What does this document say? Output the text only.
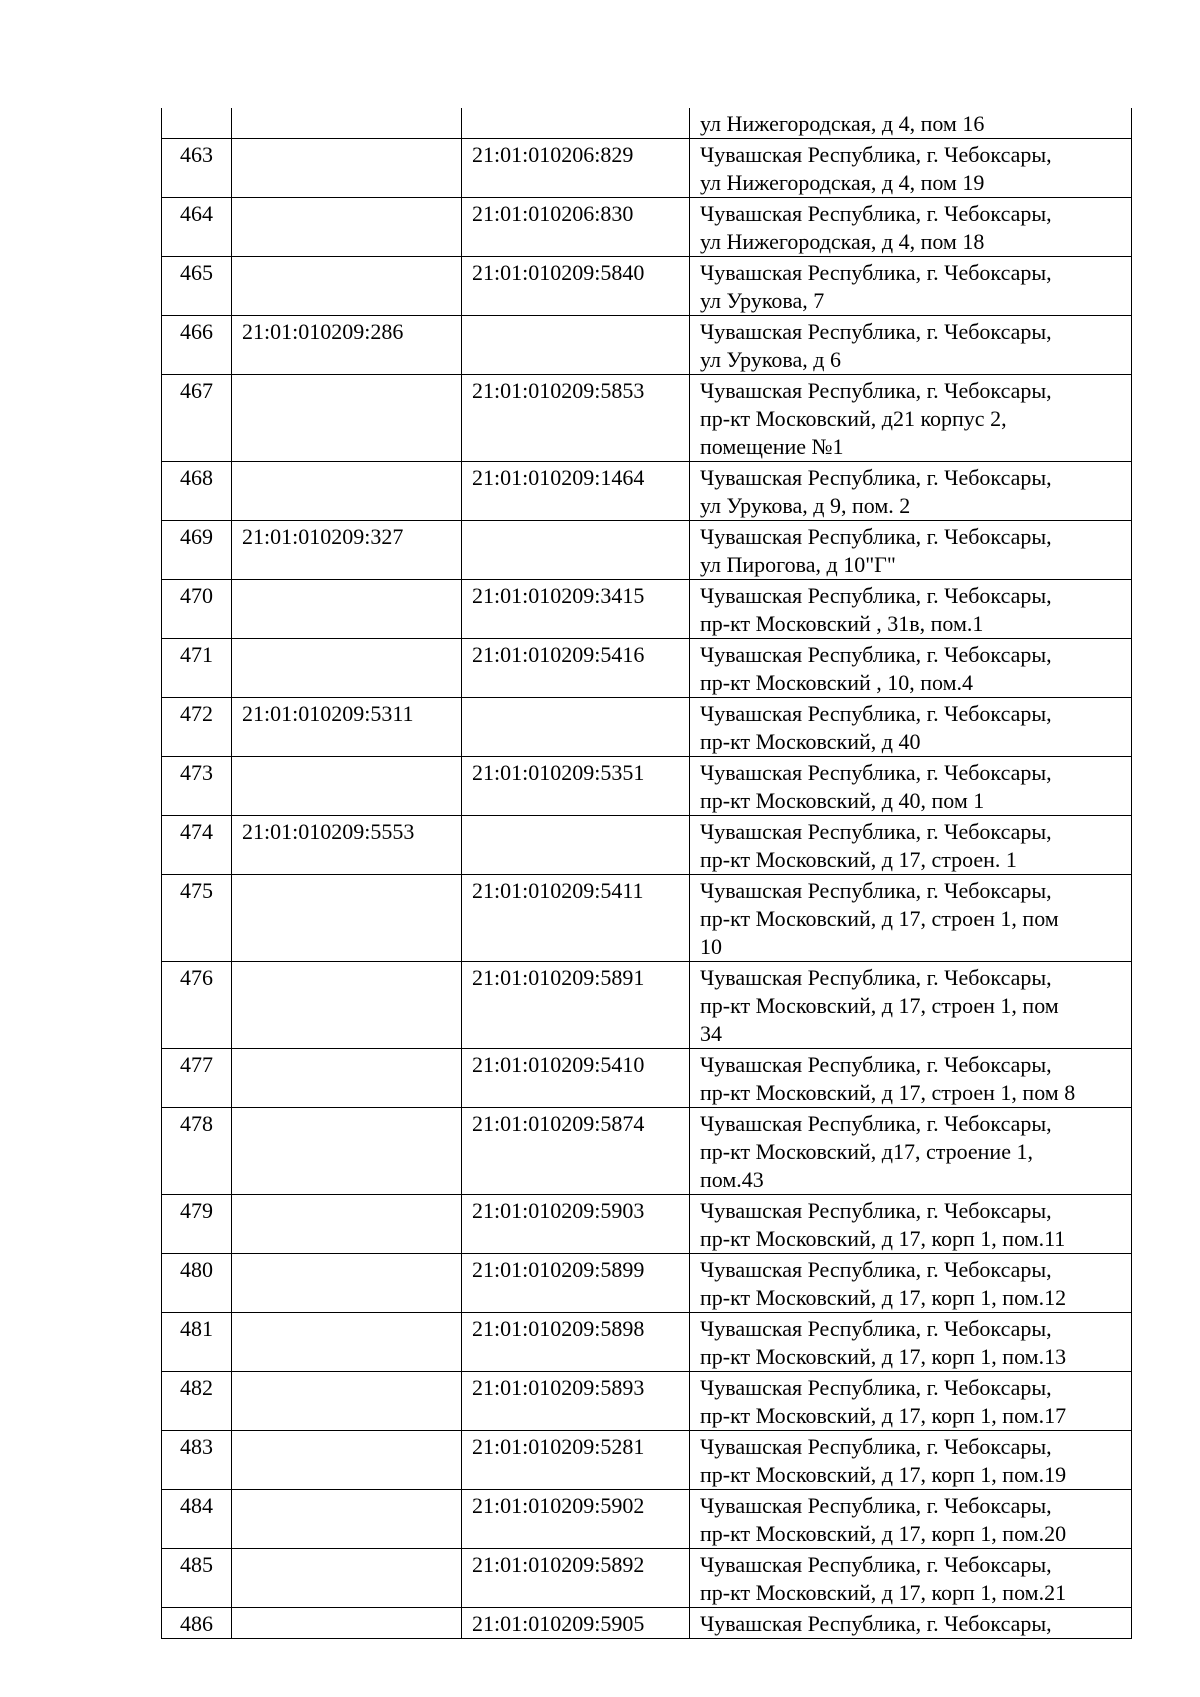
			ул Нижегородская, д 4, пом 16
463		21:01:010206:829	Чувашская Республика, г. Чебоксары,
ул Нижегородская, д 4, пом 19
464		21:01:010206:830	Чувашская Республика, г. Чебоксары,
ул Нижегородская, д 4, пом 18
465		21:01:010209:5840	Чувашская Республика, г. Чебоксары,
ул Урукова, 7
466	21:01:010209:286		Чувашская Республика, г. Чебоксары,
ул Урукова, д 6
467		21:01:010209:5853	Чувашская Республика, г. Чебоксары,
пр-кт Московский, д21 корпус 2,
помещение №1
468		21:01:010209:1464	Чувашская Республика, г. Чебоксары,
ул Урукова, д 9, пом. 2
469	21:01:010209:327		Чувашская Республика, г. Чебоксары,
ул Пирогова, д 10"Г"
470		21:01:010209:3415	Чувашская Республика, г. Чебоксары,
пр-кт Московский , 31в, пом.1
471		21:01:010209:5416	Чувашская Республика, г. Чебоксары,
пр-кт Московский , 10, пом.4
472	21:01:010209:5311		Чувашская Республика, г. Чебоксары,
пр-кт Московский, д 40
473		21:01:010209:5351	Чувашская Республика, г. Чебоксары,
пр-кт Московский, д 40, пом 1
474	21:01:010209:5553		Чувашская Республика, г. Чебоксары,
пр-кт Московский, д 17, строен. 1
475		21:01:010209:5411	Чувашская Республика, г. Чебоксары,
пр-кт Московский, д 17, строен 1, пом
10
476		21:01:010209:5891	Чувашская Республика, г. Чебоксары,
пр-кт Московский, д 17, строен 1, пом
34
477		21:01:010209:5410	Чувашская Республика, г. Чебоксары,
пр-кт Московский, д 17, строен 1, пом 8
478		21:01:010209:5874	Чувашская Республика, г. Чебоксары,
пр-кт Московский, д17, строение 1,
пом.43
479		21:01:010209:5903	Чувашская Республика, г. Чебоксары,
пр-кт Московский, д 17, корп 1, пом.11
480		21:01:010209:5899	Чувашская Республика, г. Чебоксары,
пр-кт Московский, д 17, корп 1, пом.12
481		21:01:010209:5898	Чувашская Республика, г. Чебоксары,
пр-кт Московский, д 17, корп 1, пом.13
482		21:01:010209:5893	Чувашская Республика, г. Чебоксары,
пр-кт Московский, д 17, корп 1, пом.17
483		21:01:010209:5281	Чувашская Республика, г. Чебоксары,
пр-кт Московский, д 17, корп 1, пом.19
484		21:01:010209:5902	Чувашская Республика, г. Чебоксары,
пр-кт Московский, д 17, корп 1, пом.20
485		21:01:010209:5892	Чувашская Республика, г. Чебоксары,
пр-кт Московский, д 17, корп 1, пом.21
486		21:01:010209:5905	Чувашская Республика, г. Чебоксары,
